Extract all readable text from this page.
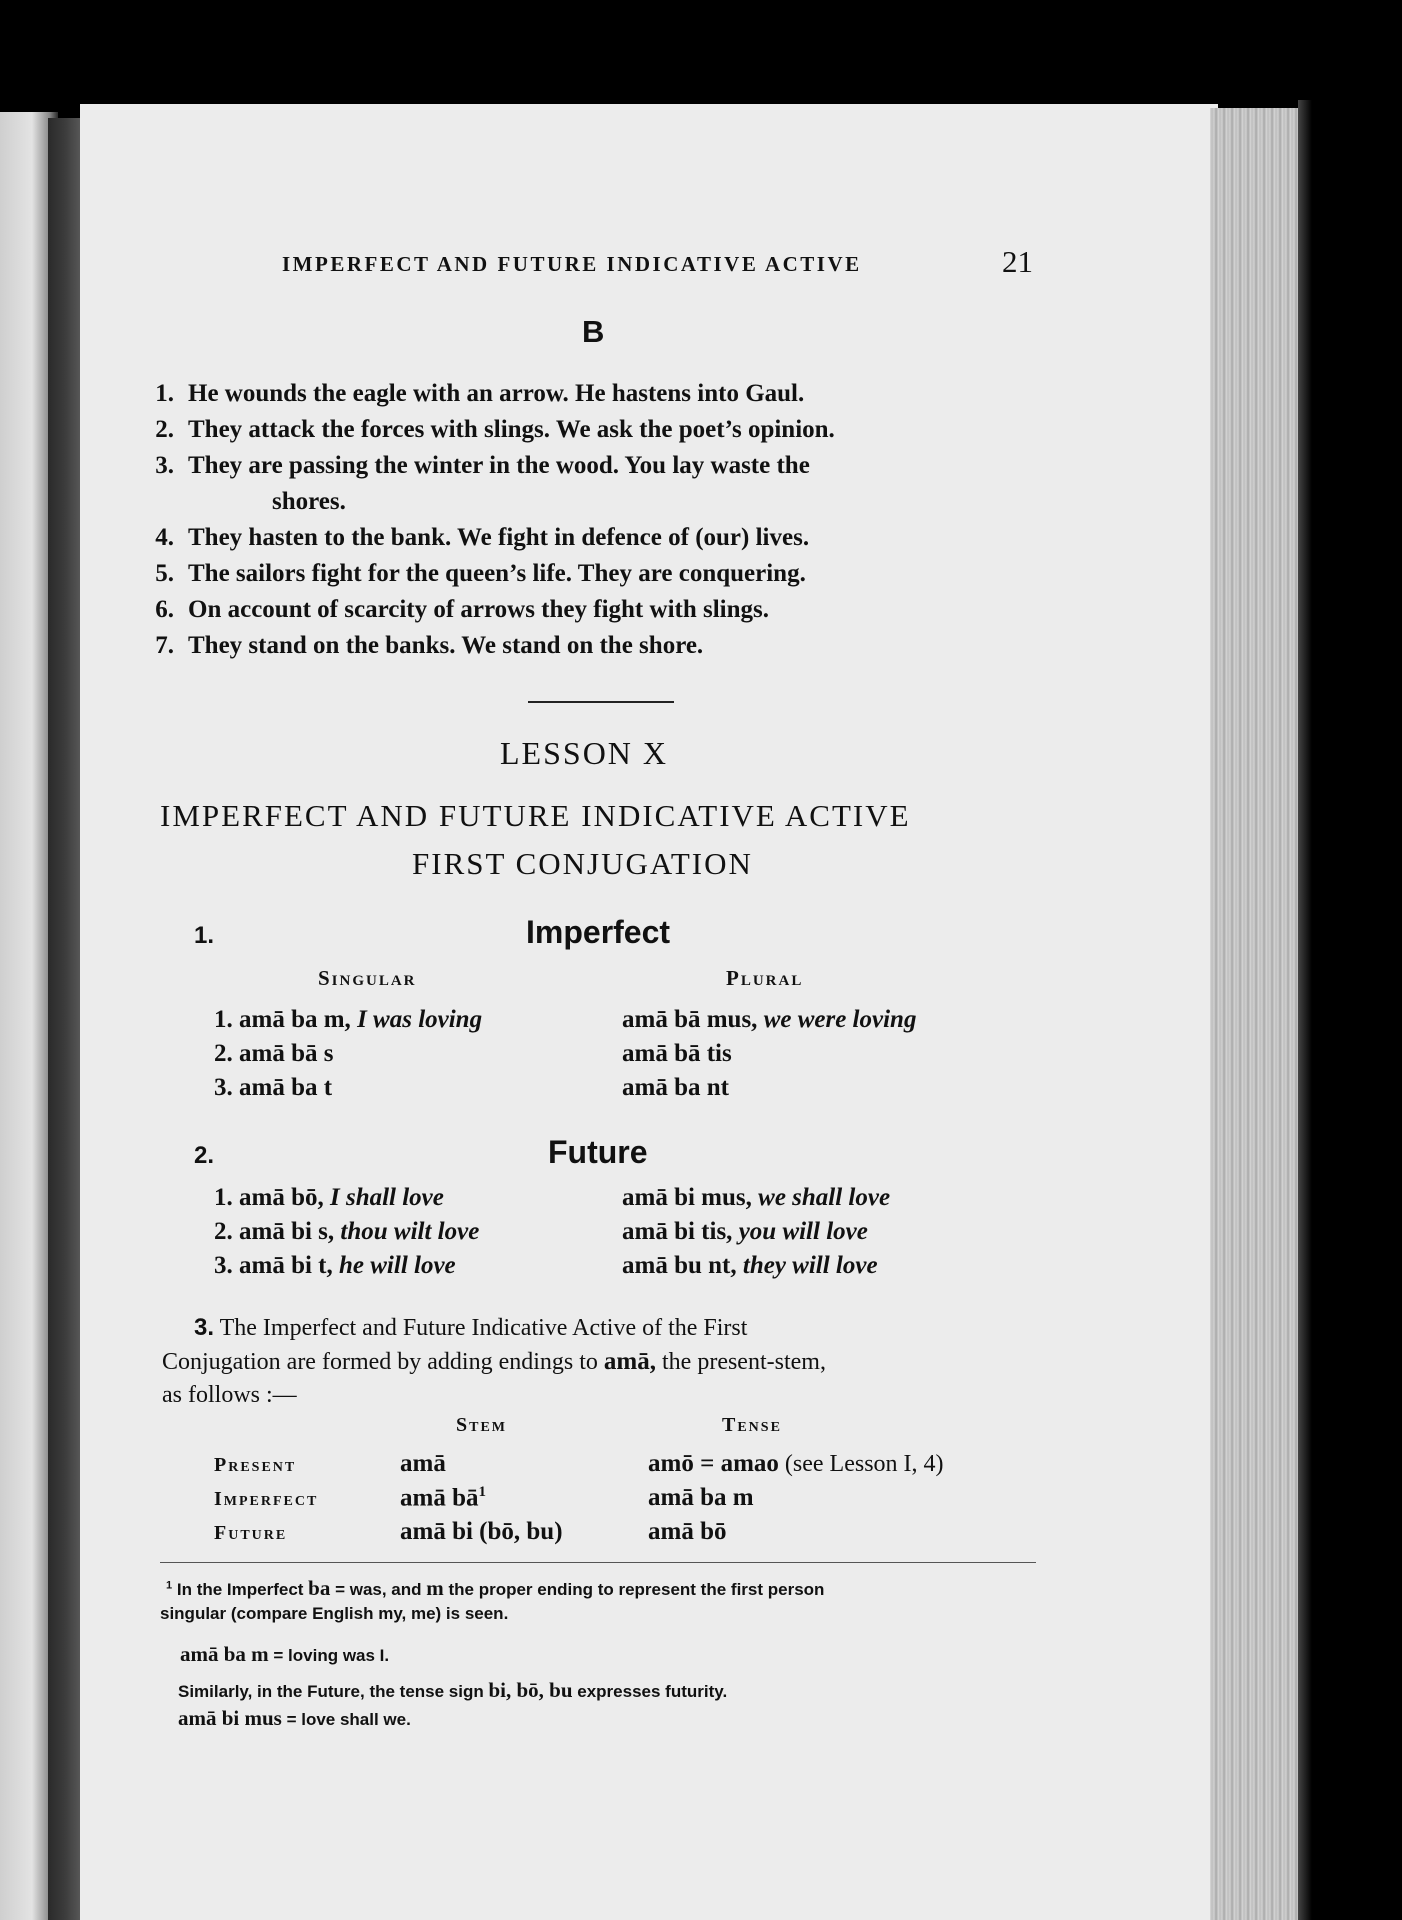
IMPERFECT AND FUTURE INDICATIVE ACTIVE	21
B
1. He wounds the eagle with an arrow. He hastens into Gaul.
2. They attack the forces with slings. We ask the poet’s opinion.
3. They are passing the winter in the wood. You lay waste the
shores.
4. They hasten to the bank. We fight in defence of (our) lives.
5. The sailors fight for the queen’s life. They are conquering.
6. On account of scarcity of arrows they fight with slings.
7. They stand on the banks. We stand on the shore.
LESSON X
IMPERFECT AND FUTURE INDICATIVE ACTIVE
FIRST CONJUGATION
1.	Imperfect
Singular	Plural
1. amā ba m, I was loving	amā bā mus, we were loving
2. amā bā s	amā bā tis
3. amā ba t	amā ba nt
2.	Future
1. amā bō, I shall love	amā bi mus, we shall love
2. amā bi s, thou wilt love	amā bi tis, you will love
3. amā bi t, he will love	amā bu nt, they will love
3. The Imperfect and Future Indicative Active of the First
Conjugation are formed by adding endings to amā, the present-stem,
as follows :—
Stem	Tense
Present	amā	amō = amao (see Lesson I, 4)
Imperfect	amā $bā^1$	amā ba m
Future	amā bi (bō, bu)	amā bō
$^1$ In the Imperfect ba = was, and m the proper ending to represent the first person
singular (compare English my, me) is seen.
amā ba m = loving was I.
Similarly, in the Future, the tense sign bi, bō, bu expresses futurity.
amā bi mus = love shall we.
